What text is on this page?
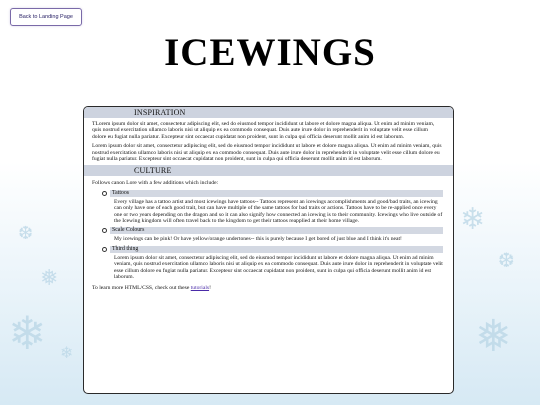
❄
❅
❆	❄
❅
❆
❄
Back to Landing Page
ICEWINGS
INSPIRATION

TLorem ipsum dolor sit amet, consectetur adipiscing elit, sed do eiusmod tempor incididunt ut labore et dolore magna aliqua. Ut enim ad minim veniam, quis nostrud exercitation ullamco laboris nisi ut aliquip ex ea commodo consequat. Duis aute irure dolor in reprehenderit in voluptate velit esse cillum dolore eu fugiat nulla pariatur. Excepteur sint occaecat cupidatat non proident, sunt in culpa qui officia deserunt mollit anim id est laborum.

Lorem ipsum dolor sit amet, consectetur adipiscing elit, sed do eiusmod tempor incididunt ut labore et dolore magna aliqua. Ut enim ad minim veniam, quis nostrud exercitation ullamco laboris nisi ut aliquip ex ea commodo consequat. Duis aute irure dolor in reprehenderit in voluptate velit esse cillum dolore eu fugiat nulla pariatur. Excepteur sint occaecat cupidatat non proident, sunt in culpa qui officia deserunt mollit anim id est laborum.

CULTURE

Follows canon Lore with a few additions which include:

Tattoos

Every village has a tattoo artist and most icewings have tattoos-- Tattoos represent an icewings accomplishments and good/bad traits, an icewing can only have one of each good trait, but can have multiple of the same tattoos for bad traits or actions. Tattoos have to be re-applied once every one or two years depending on the dragon and so it can also signify how connected an icewing is to their community. Icewings who live outside of the Icewing kingdom will often travel back to the kingdom to get their tattoos reapplied at their home village.

Scale Colours

My icewings can be pink! Or have yellow/orange undertones-- this is purely because I get bored of just blue and I think it's neat!

Third thing

Lorem ipsum dolor sit amet, consectetur adipiscing elit, sed do eiusmod tempor incididunt ut labore et dolore magna aliqua. Ut enim ad minim veniam, quis nostrud exercitation ullamco laboris nisi ut aliquip ex ea commodo consequat. Duis aute irure dolor in reprehenderit in voluptate velit esse cillum dolore eu fugiat nulla pariatur. Excepteur sint occaecat cupidatat non proident, sunt in culpa qui officia deserunt mollit anim id est laborum.

To learn more HTML/CSS, check out these tutorials!
